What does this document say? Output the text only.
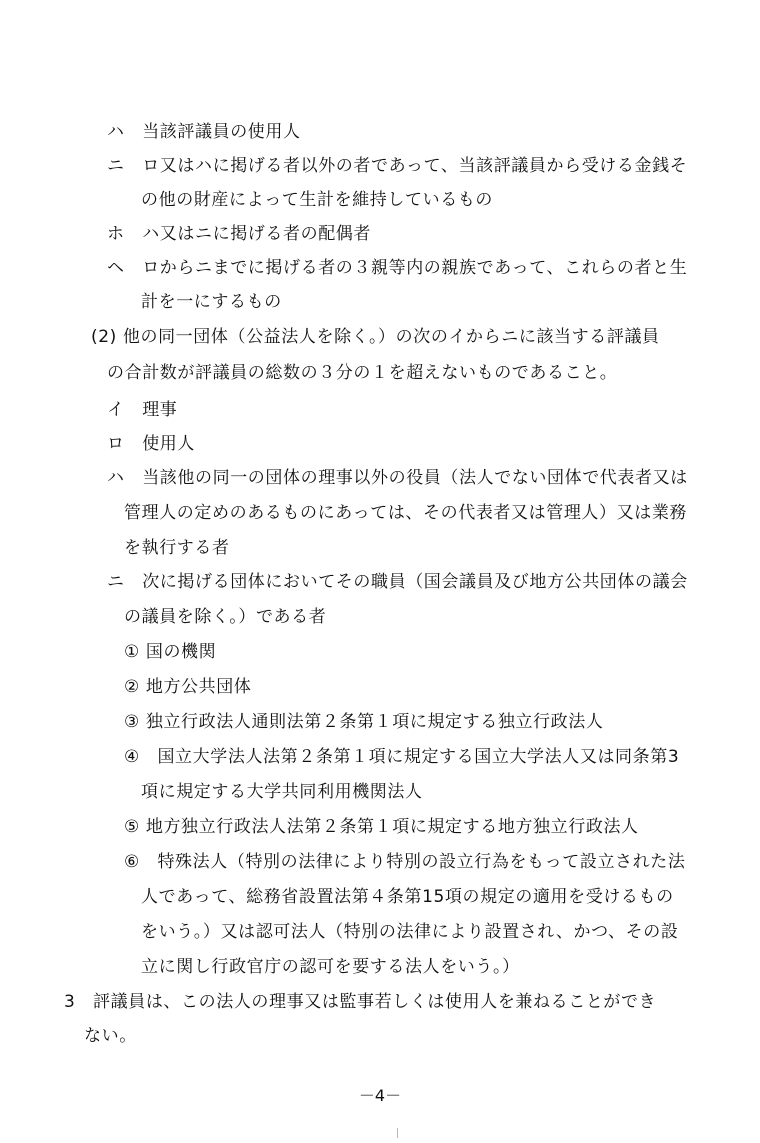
ハ　当該評議員の使用人
ニ　ロ又はハに掲げる者以外の者であって、当該評議員から受ける金銭そ
の他の財産によって生計を維持しているもの
ホ　ハ又はニに掲げる者の配偶者
ヘ　ロからニまでに掲げる者の３親等内の親族であって、これらの者と生
計を一にするもの
(2) 他の同一団体（公益法人を除く。）の次のイからニに該当する評議員
の合計数が評議員の総数の３分の１を超えないものであること。
イ　理事
ロ　使用人
ハ　当該他の同一の団体の理事以外の役員（法人でない団体で代表者又は
管理人の定めのあるものにあっては、その代表者又は管理人）又は業務
を執行する者
ニ　次に掲げる団体においてその職員（国会議員及び地方公共団体の議会
の議員を除く。）である者
① 国の機関
② 地方公共団体
③ 独立行政法人通則法第２条第１項に規定する独立行政法人
④　国立大学法人法第２条第１項に規定する国立大学法人又は同条第3
項に規定する大学共同利用機関法人
⑤ 地方独立行政法人法第２条第１項に規定する地方独立行政法人
⑥　特殊法人（特別の法律により特別の設立行為をもって設立された法
人であって、総務省設置法第４条第15項の規定の適用を受けるもの
をいう。）又は認可法人（特別の法律により設置され、かつ、その設
立に関し行政官庁の認可を要する法人をいう。）
3　評議員は、この法人の理事又は監事若しくは使用人を兼ねることができ
ない。
－4－
